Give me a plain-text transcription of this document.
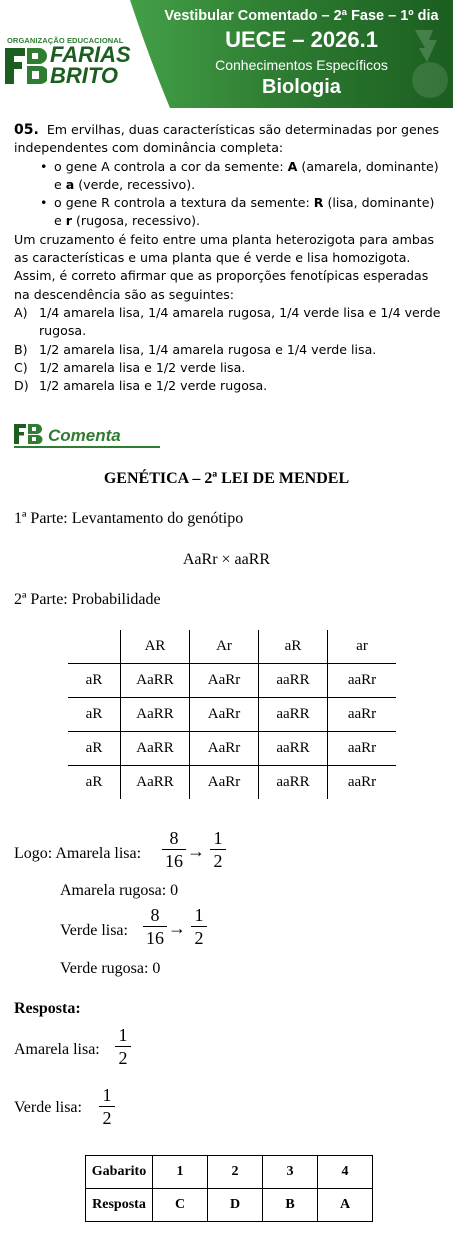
ORGANIZAÇÃO EDUCACIONAL
FARIAS
BRITO
Vestibular Comentado – 2ª Fase – 1º dia
UECE – 2026.1
Conhecimentos Específicos
Biologia

05. Em ervilhas, duas características são determinadas por genes independentes com dominância completa:

• o gene A controla a cor da semente: A (amarela, dominante) e a (verde, recessivo).

• o gene R controla a textura da semente: R (lisa, dominante) e r (rugosa, recessivo).

Um cruzamento é feito entre uma planta heterozigota para ambas as características e uma planta que é verde e lisa homozigota. Assim, é correto afirmar que as proporções fenotípicas esperadas na descendência são as seguintes:

A) 1/4 amarela lisa, 1/4 amarela rugosa, 1/4 verde lisa e 1/4 verde rugosa.

B) 1/2 amarela lisa, 1/4 amarela rugosa e 1/4 verde lisa.

C) 1/2 amarela lisa e 1/2 verde lisa.

D) 1/2 amarela lisa e 1/2 verde rugosa.

Comenta
GENÉTICA – 2ª LEI DE MENDEL
1ª Parte: Levantamento do genótipo
AaRr × aaRR
2ª Parte: Probabilidade
	AR	Ar	aR	ar
aR	AaRR	AaRr	aaRR	aaRr
aR	AaRR	AaRr	aaRR	aaRr
aR	AaRR	AaRr	aaRR	aaRr
aR	AaRR	AaRr	aaRR	aaRr
Logo: Amarela lisa:
8
16 →
1
2
Amarela rugosa: 0
Verde lisa:
8
16 →
1
2
Verde rugosa: 0
Resposta:
Amarela lisa:
1
2
Verde lisa:
1
2
Gabarito	1	2	3	4
Resposta	C	D	B	A
